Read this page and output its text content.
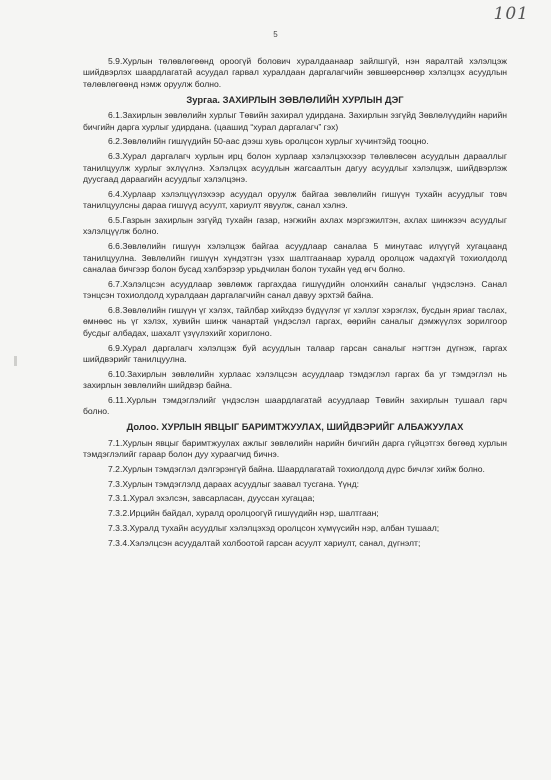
101
5

5.9.Хурлын төлөвлөгөөнд ороогүй болович хуралдаанаар зайлшгүй, нэн яаралтай хэлэлцэж шийдвэрлэх шаардлагатай асуудал гарвал хуралдаан даргалагчийн зөвшөөрснөөр хэлэлцэх асуудлын төлөвлөгөөнд нэмж оруулж болно.

Зургаа. ЗАХИРЛЫН ЗӨВЛӨЛИЙН ХУРЛЫН ДЭГ

6.1.Захирлын зөвлөлийн хурлыг Төвийн захирал удирдана. Захирлын эзгүйд Зөвлөлүүдийн нарийн бичгийн дарга хурлыг удирдана. (цаашид “хурал даргалагч” гэх)

6.2.Зөвлөлийн гишүүдийн 50-аас дээш хувь оролцсон хурлыг хүчинтэйд тооцно.

6.3.Хурал даргалагч хурлын ирц болон хурлаар хэлэлцэххээр төлөвлөсөн асуудлын дарааллыг танилцуулж хурлыг эхлүүлнэ. Хэлэлцэх асуудлын жагсаалтын дагуу асуудлыг хэлэлцэж, шийдвэрлэж дуусгаад дараагийн асуудлыг хэлэлцэнэ.

6.4.Хурлаар хэлэлцүүлэхээр асуудал оруулж байгаа зөвлөлийн гишүүн тухайн асуудлыг товч танилцуулсны дараа гишүүд асуулт, хариулт явуулж, санал хэлнэ.

6.5.Газрын захирлын эзгүйд тухайн газар, нэгжийн ахлах мэргэжилтэн, ахлах шинжээч асуудлыг хэлэлцүүлж болно.

6.6.Зөвлөлийн гишүүн хэлэлцэж байгаа асуудлаар саналаа 5 минутаас илүүгүй хугацаанд танилцуулна. Зөвлөлийн гишүүн хүндэтгэн үзэх шалтгаанаар хуралд оролцож чадахгүй тохиолдолд саналаа бичгээр болон бусад хэлбэрээр урьдчилан болон тухайн үед өгч болно.

6.7.Хэлэлцсэн асуудлаар зөвлөмж гаргахдаа гишүүдийн олонхийн саналыг үндэслэнэ. Санал тэнцсэн тохиолдолд хуралдаан даргалагчийн санал давуу эрхтэй байна.

6.8.Зөвлөлийн гишүүн үг хэлэх, тайлбар хийхдээ бүдүүлэг үг хэллэг хэрэглэх, бусдын яриаг таслах, өмнөөс нь үг хэлэх, хувийн шинж чанартай үндэслэл гаргах, өөрийн саналыг дэмжүүлэх зорилгоор бусдыг албадах, шахалт үзүүлэхийг хориглоно.

6.9.Хурал даргалагч хэлэлцэж буй асуудлын талаар гарсан саналыг нэгтгэн дүгнэж, гаргах шийдвэрийг танилцуулна.

6.10.Захирлын зөвлөлийн хурлаас хэлэлцсэн асуудлаар тэмдэглэл гаргах ба уг тэмдэглэл нь захирлын зөвлөлийн шийдвэр байна.

6.11.Хурлын тэмдэглэлийг үндэслэн шаардлагатай асуудлаар Төвийн захирлын тушаал гарч болно.

Долоо. ХУРЛЫН ЯВЦЫГ БАРИМТЖУУЛАХ, ШИЙДВЭРИЙГ АЛБАЖУУЛАХ

7.1.Хурлын явцыг баримтжуулах ажлыг зөвлөлийн нарийн бичгийн дарга гүйцэтгэх бөгөөд хурлын тэмдэглэлийг гараар болон дуу хураагчид бичнэ.

7.2.Хурлын тэмдэглэл дэлгэрэнгүй байна. Шаардлагатай тохиолдолд дүрс бичлэг хийж болно.

7.3.Хурлын тэмдэглэлд дараах асуудлыг заавал тусгана. Үүнд:

7.3.1.Хурал эхэлсэн, завсарласан, дууссан хугацаа;

7.3.2.Ирцийн байдал, хуралд оролцоогүй гишүүдийн нэр, шалтгаан;

7.3.3.Хуралд тухайн асуудлыг хэлэлцэхэд оролцсон хүмүүсийн нэр, албан тушаал;

7.3.4.Хэлэлцсэн асуудалтай холбоотой гарсан асуулт хариулт, санал, дүгнэлт;
